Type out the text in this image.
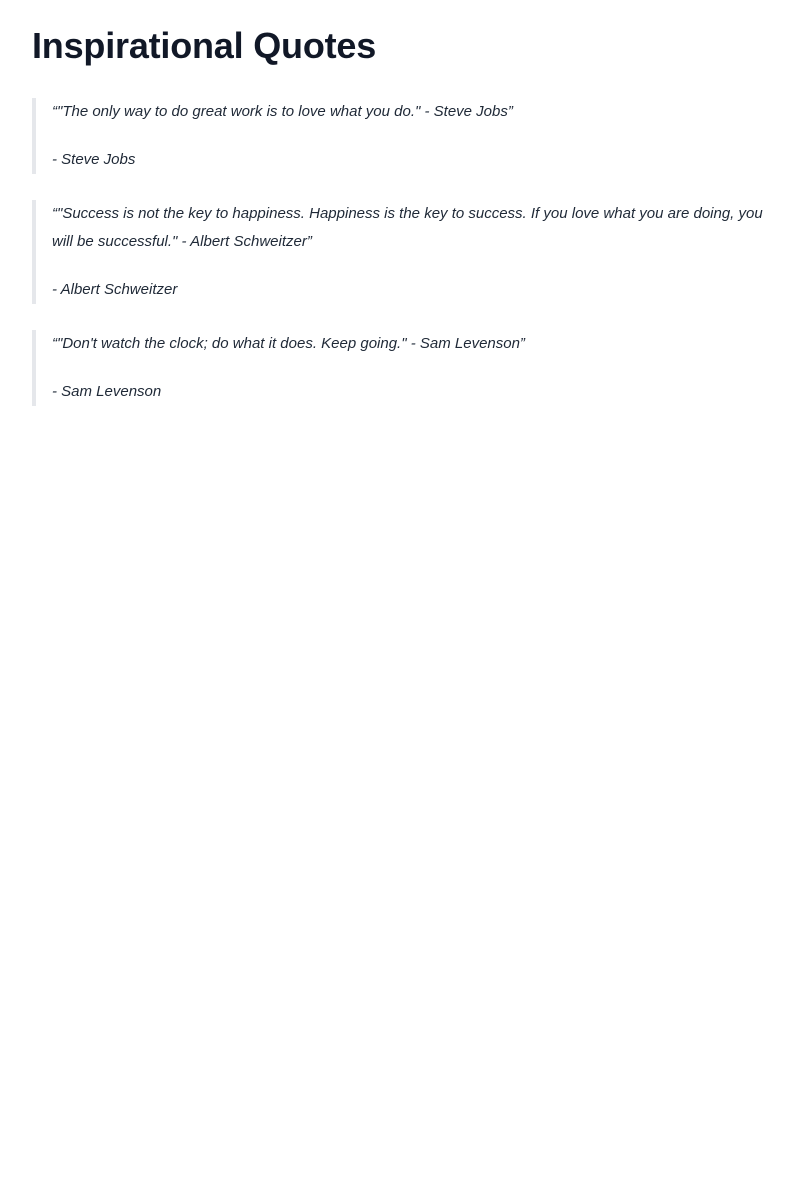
Inspirational Quotes

“"The only way to do great work is to love what you do." - Steve Jobs”

- Steve Jobs

“"Success is not the key to happiness. Happiness is the key to success. If you love what you are doing, you will be successful." - Albert Schweitzer”

- Albert Schweitzer

“"Don't watch the clock; do what it does. Keep going." - Sam Levenson”

- Sam Levenson
